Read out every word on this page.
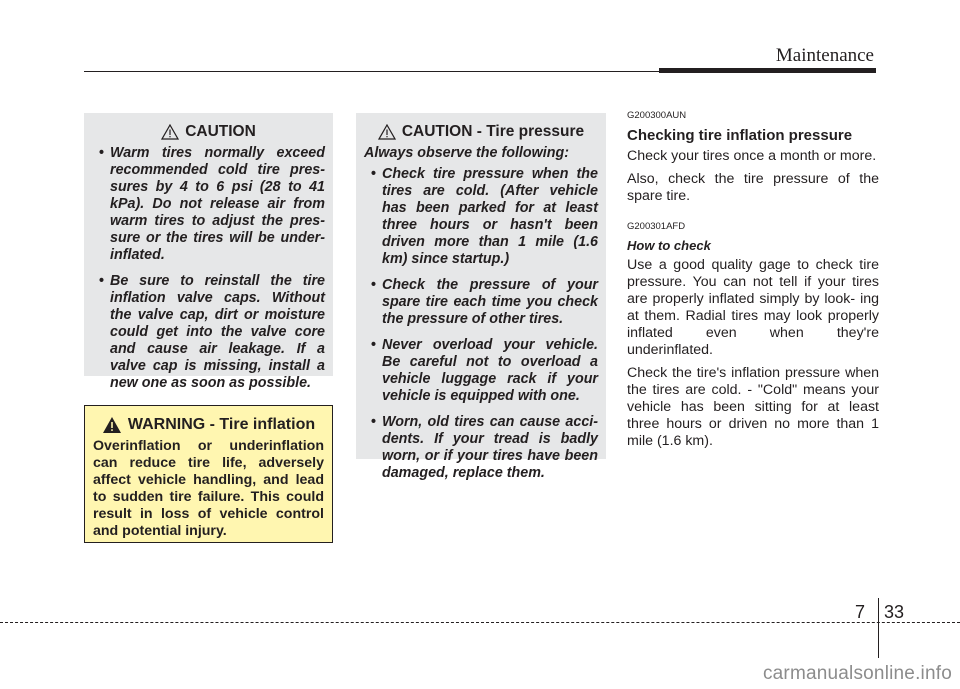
Maintenance
CAUTION
• Warm tires normally exceed recommended cold tire pres- sures by 4 to 6 psi (28 to 41 kPa). Do not release air from warm tires to adjust the pres- sure or the tires will be under- inflated.
• Be sure to reinstall the tire inflation valve caps. Without the valve cap, dirt or moisture could get into the valve core and cause air leakage. If a valve cap is missing, install a new one as soon as possible.
WARNING - Tire inflation
Overinflation or underinflation can reduce tire life, adversely affect vehicle handling, and lead to sudden tire failure. This could result in loss of vehicle control and potential injury.
CAUTION - Tire pressure
Always observe the following:
• Check tire pressure when the tires are cold. (After vehicle has been parked for at least three hours or hasn't been driven more than 1 mile (1.6 km) since startup.)
• Check the pressure of your spare tire each time you check the pressure of other tires.
• Never overload your vehicle. Be careful not to overload a vehicle luggage rack if your vehicle is equipped with one.
• Worn, old tires can cause acci- dents. If your tread is badly worn, or if your tires have been damaged, replace them.
G200300AUN
Checking tire inflation pressure
Check your tires once a month or more.
Also, check the tire pressure of the spare tire.
G200301AFD
How to check
Use a good quality gage to check tire pressure. You can not tell if your tires are properly inflated simply by look- ing at them. Radial tires may look properly inflated even when they're underinflated.
Check the tire's inflation pressure when the tires are cold. - "Cold" means your vehicle has been sitting for at least three hours or driven no more than 1 mile (1.6 km).
7 33
carmanualsonline.info
